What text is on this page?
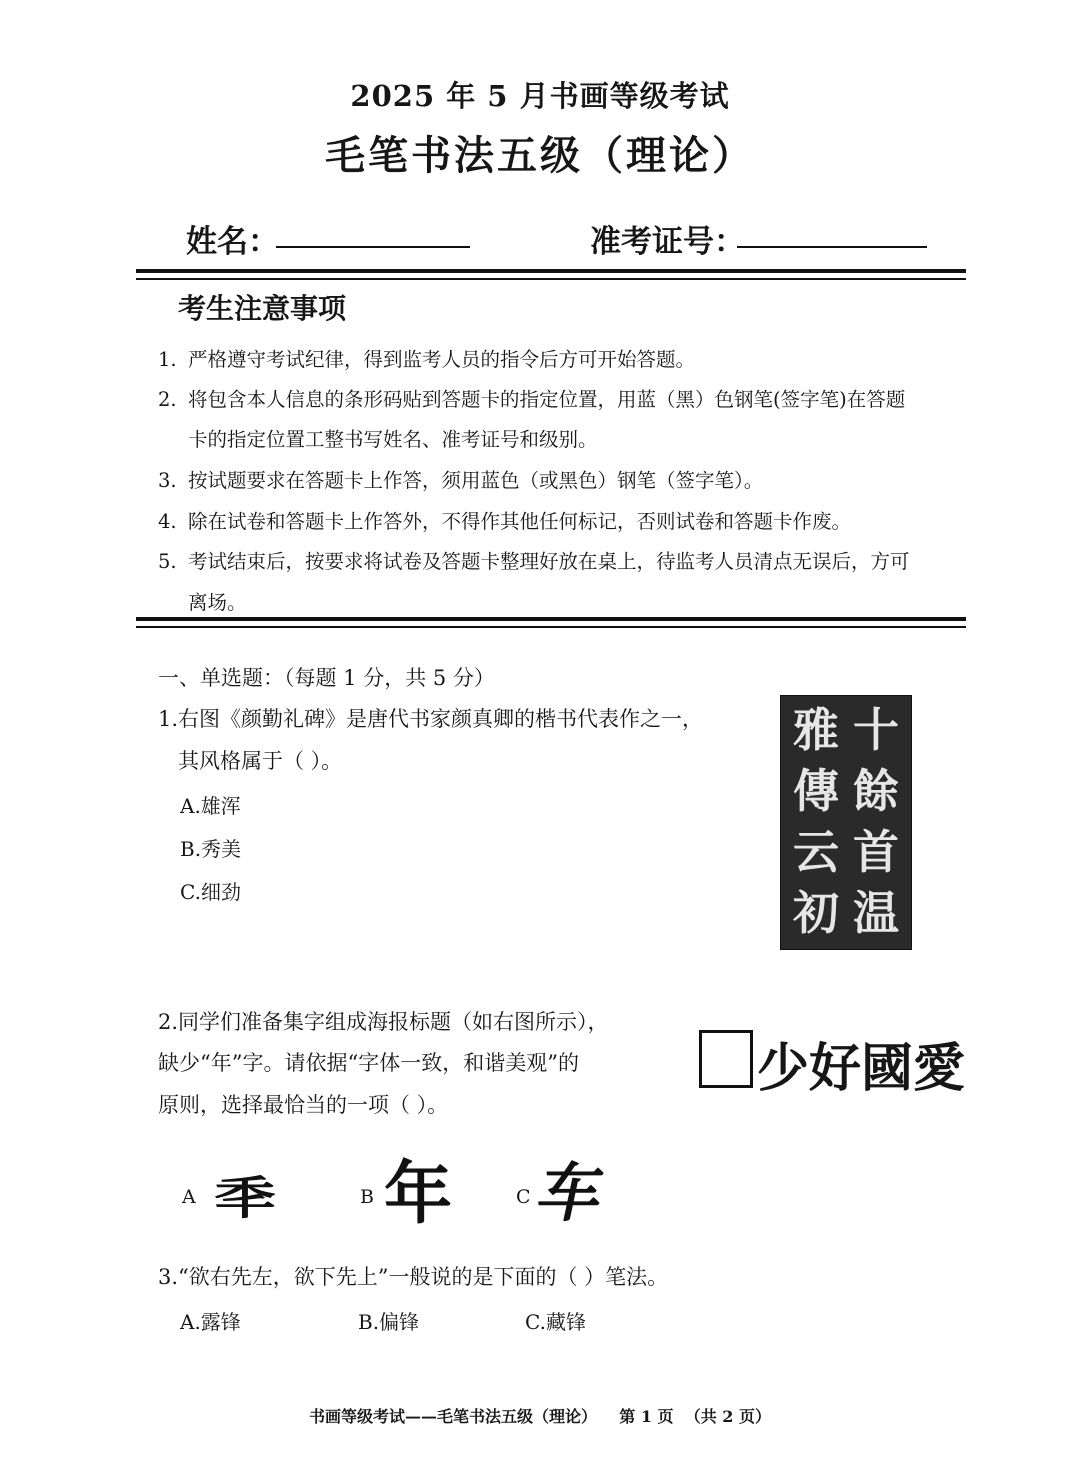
2025 年 5 月书画等级考试
毛笔书法五级（理论）
姓名：	准考证号：
考生注意事项
1. 严格遵守考试纪律，得到监考人员的指令后方可开始答题。
2. 将包含本人信息的条形码贴到答题卡的指定位置，用蓝（黑）色钢笔(签字笔)在答题
卡的指定位置工整书写姓名、准考证号和级别。
3. 按试题要求在答题卡上作答，须用蓝色（或黑色）钢笔（签字笔）。
4. 除在试卷和答题卡上作答外，不得作其他任何标记，否则试卷和答题卡作废。
5. 考试结束后，按要求将试卷及答题卡整理好放在桌上，待监考人员清点无误后，方可
离场。
一、单选题：（每题 1 分，共 5 分）
1.右图《颜勤礼碑》是唐代书家颜真卿的楷书代表作之一，
其风格属于（ ）。
A.雄浑
B.秀美
C.细劲
十
餘
首
温
雅
傳
云
初
2.同学们准备集字组成海报标题（如右图所示），
缺少“年”字。请依据“字体一致，和谐美观”的
原则，选择最恰当的一项（ ）。
少好國愛
A 秊	B 年	C 车
3.“欲右先左，欲下先上”一般说的是下面的（ ）笔法。
A.露锋	B.偏锋	C.藏锋
书画等级考试——毛笔书法五级（理论）    第 1 页  （共 2 页）
